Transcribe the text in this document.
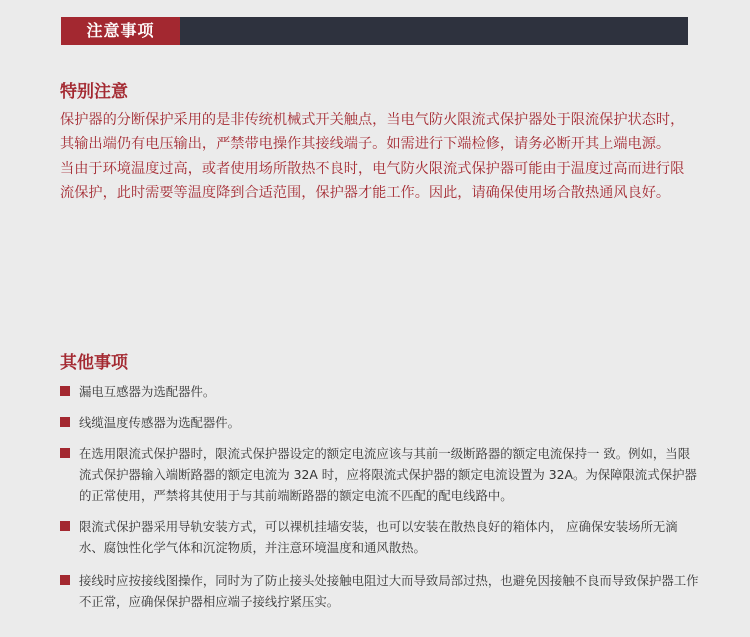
注意事项
特别注意

保护器的分断保护采用的是非传统机械式开关触点，当电气防火限流式保护器处于限流保护状态时，其输出端仍有电压输出，严禁带电操作其接线端子。如需进行下端检修，请务必断开其上端电源。

当由于环境温度过高，或者使用场所散热不良时，电气防火限流式保护器可能由于温度过高而进行限流保护，此时需要等温度降到合适范围，保护器才能工作。因此，请确保使用场合散热通风良好。

其他事项
漏电互感器为选配器件。
线缆温度传感器为选配器件。
在选用限流式保护器时，限流式保护器设定的额定电流应该与其前一级断路器的额定电流保持一 致。例如，当限流式保护器输入端断路器的额定电流为 32A 时，应将限流式保护器的额定电流设置为 32A。为保障限流式保护器的正常使用，严禁将其使用于与其前端断路器的额定电流不匹配的配电线路中。
限流式保护器采用导轨安装方式，可以裸机挂墙安装，也可以安装在散热良好的箱体内， 应确保安装场所无滴水、腐蚀性化学气体和沉淀物质，并注意环境温度和通风散热。
接线时应按接线图操作，同时为了防止接头处接触电阻过大而导致局部过热，也避免因接触不良而导致保护器工作不正常，应确保保护器相应端子接线拧紧压实。
